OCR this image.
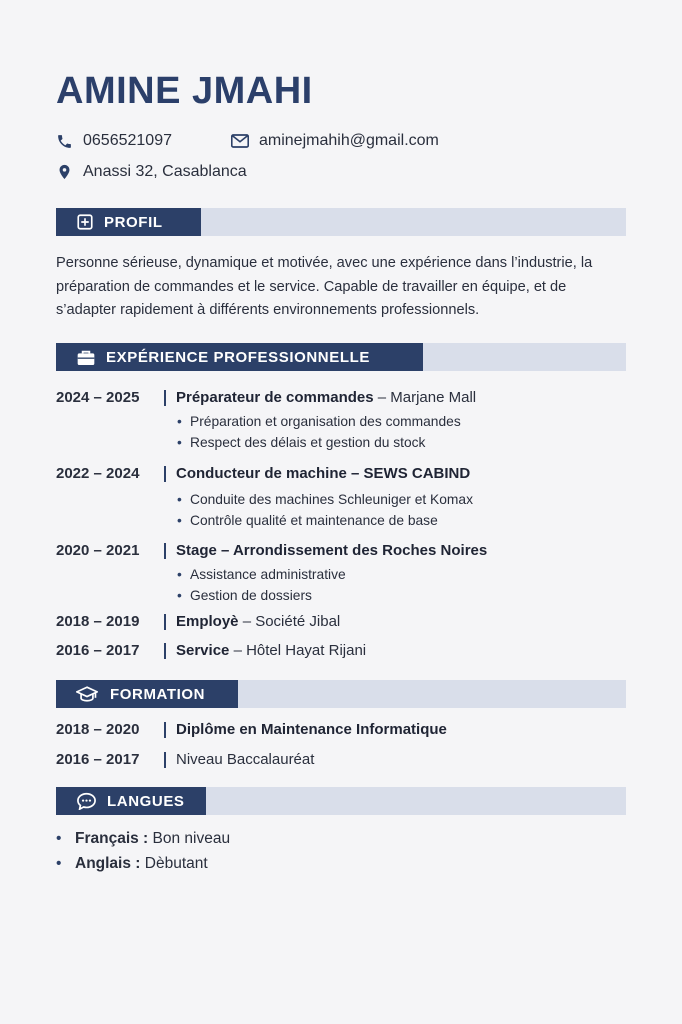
AMINE JMAHI
0656521097	aminejmahih@gmail.com
Anassi 32, Casablanca
PROFIL
Personne sérieuse, dynamique et motivée, avec une expérience dans l’industrie, la préparation de commandes et le service. Capable de travailler en équipe, et de s’adapter rapidement à différents environnements professionnels.
EXPÉRIENCE PROFESSIONNELLE
2024 – 2025	Préparateur de commandes – Marjane Mall
• Préparation et organisation des commandes
• Respect des délais et gestion du stock
2022 – 2024	Conducteur de machine – SEWS CABIND
• Conduite des machines Schleuniger et Komax
• Contrôle qualité et maintenance de base
2020 – 2021	Stage – Arrondissement des Roches Noires
• Assistance administrative
• Gestion de dossiers
2018 – 2019	Employè – Société Jibal
2016 – 2017	Service – Hôtel Hayat Rijani
FORMATION
2018 – 2020	Diplôme en Maintenance Informatique
2016 – 2017	Niveau Baccalauréat
LANGUES
• Français : Bon niveau
• Anglais : Dèbutant
